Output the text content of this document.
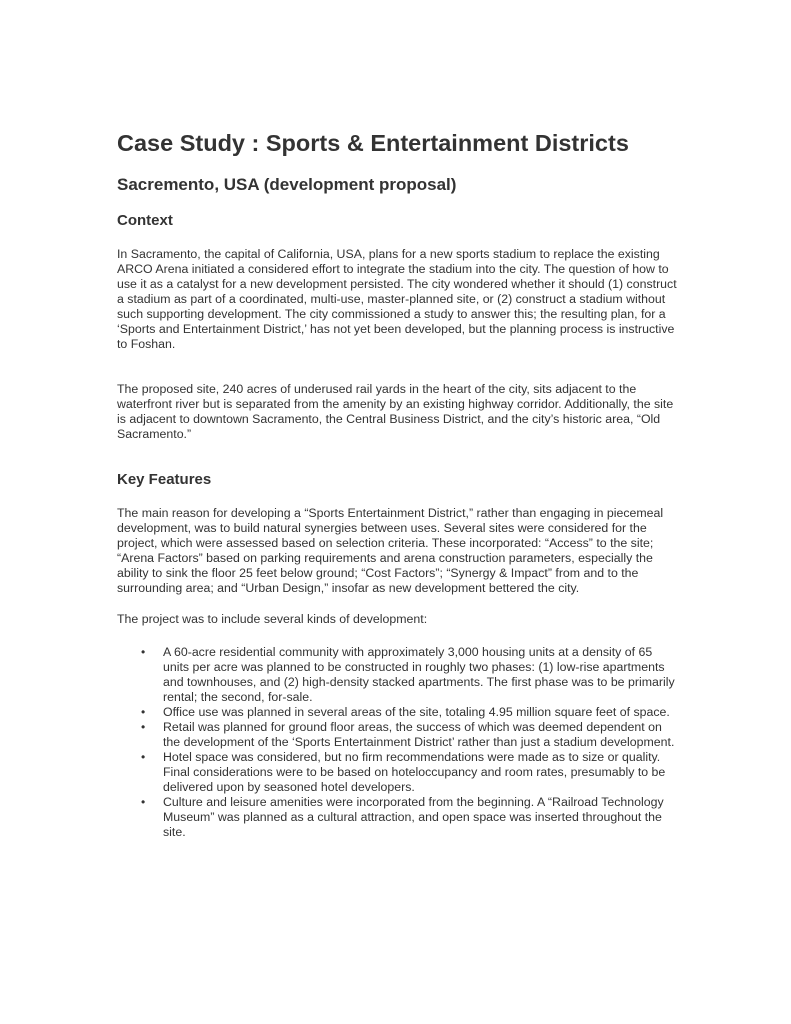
Case Study : Sports & Entertainment Districts
Sacremento, USA (development proposal)
Context

In Sacramento, the capital of California, USA, plans for a new sports stadium to replace the existing ARCO Arena initiated a considered effort to integrate the stadium into the city. The question of how to use it as a catalyst for a new development persisted. The city wondered whether it should (1) construct a stadium as part of a coordinated, multi-use, master-planned site, or (2) construct a stadium without such supporting development. The city commissioned a study to answer this; the resulting plan, for a ‘Sports and Entertainment District,’ has not yet been developed, but the planning process is instructive to Foshan.

The proposed site, 240 acres of underused rail yards in the heart of the city, sits adjacent to the waterfront river but is separated from the amenity by an existing highway corridor. Additionally, the site is adjacent to downtown Sacramento, the Central Business District, and the city’s historic area, “Old Sacramento.”

Key Features

The main reason for developing a “Sports Entertainment District,” rather than engaging in piecemeal development, was to build natural synergies between uses. Several sites were considered for the project, which were assessed based on selection criteria. These incorporated: “Access” to the site; “Arena Factors” based on parking requirements and arena construction parameters, especially the ability to sink the floor 25 feet below ground; “Cost Factors”; “Synergy & Impact” from and to the surrounding area; and “Urban Design,” insofar as new development bettered the city.

The project was to include several kinds of development:

• A 60-acre residential community with approximately 3,000 housing units at a density of 65 units per acre was planned to be constructed in roughly two phases: (1) low-rise apartments and townhouses, and (2) high-density stacked apartments. The first phase was to be primarily rental; the second, for-sale.
• Office use was planned in several areas of the site, totaling 4.95 million square feet of space.
• Retail was planned for ground floor areas, the success of which was deemed dependent on the development of the ‘Sports Entertainment District’ rather than just a stadium development.
• Hotel space was considered, but no firm recommendations were made as to size or quality. Final considerations were to be based on hoteloccupancy and room rates, presumably to be delivered upon by seasoned hotel developers.
• Culture and leisure amenities were incorporated from the beginning. A “Railroad Technology Museum” was planned as a cultural attraction, and open space was inserted throughout the site.
